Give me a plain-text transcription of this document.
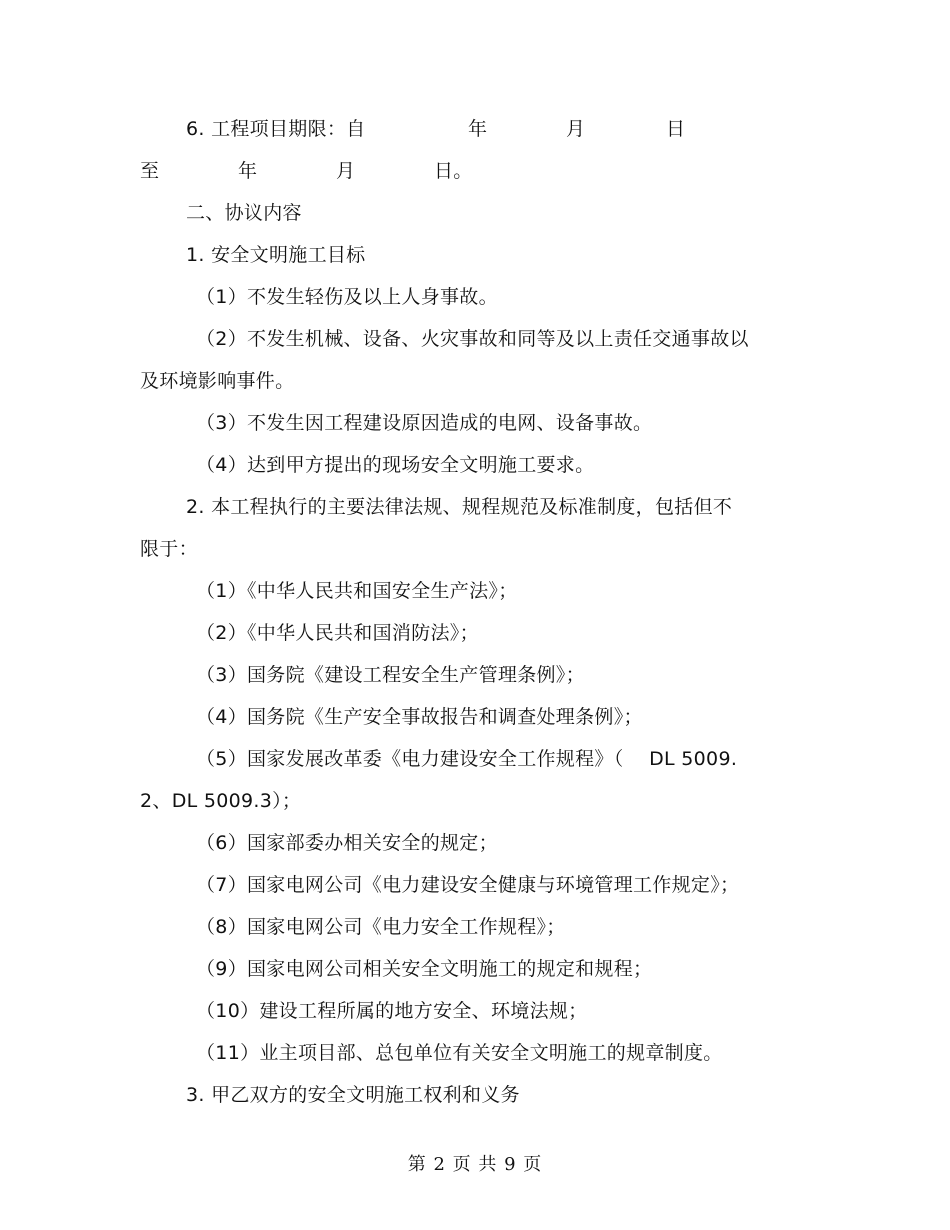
6. 工程项目期限：自	年	月	日
至	年	月	日。
二、协议内容
1. 安全文明施工目标
（1）不发生轻伤及以上人身事故。
（2）不发生机械、设备、火灾事故和同等及以上责任交通事故以
及环境影响事件。
（3）不发生因工程建设原因造成的电网、设备事故。
（4）达到甲方提出的现场安全文明施工要求。
2. 本工程执行的主要法律法规、规程规范及标准制度，包括但不
限于：
（1）《中华人民共和国安全生产法》；
（2）《中华人民共和国消防法》；
（3）国务院《建设工程安全生产管理条例》；
（4）国务院《生产安全事故报告和调查处理条例》；
（5）国家发展改革委《电力建设安全工作规程》（　 DL 5009.
2、DL 5009.3）；
（6）国家部委办相关安全的规定；
（7）国家电网公司《电力建设安全健康与环境管理工作规定》；
（8）国家电网公司《电力安全工作规程》；
（9）国家电网公司相关安全文明施工的规定和规程；
（10）建设工程所属的地方安全、环境法规；
（11）业主项目部、总包单位有关安全文明施工的规章制度。
3. 甲乙双方的安全文明施工权利和义务
第 2 页 共 9 页
